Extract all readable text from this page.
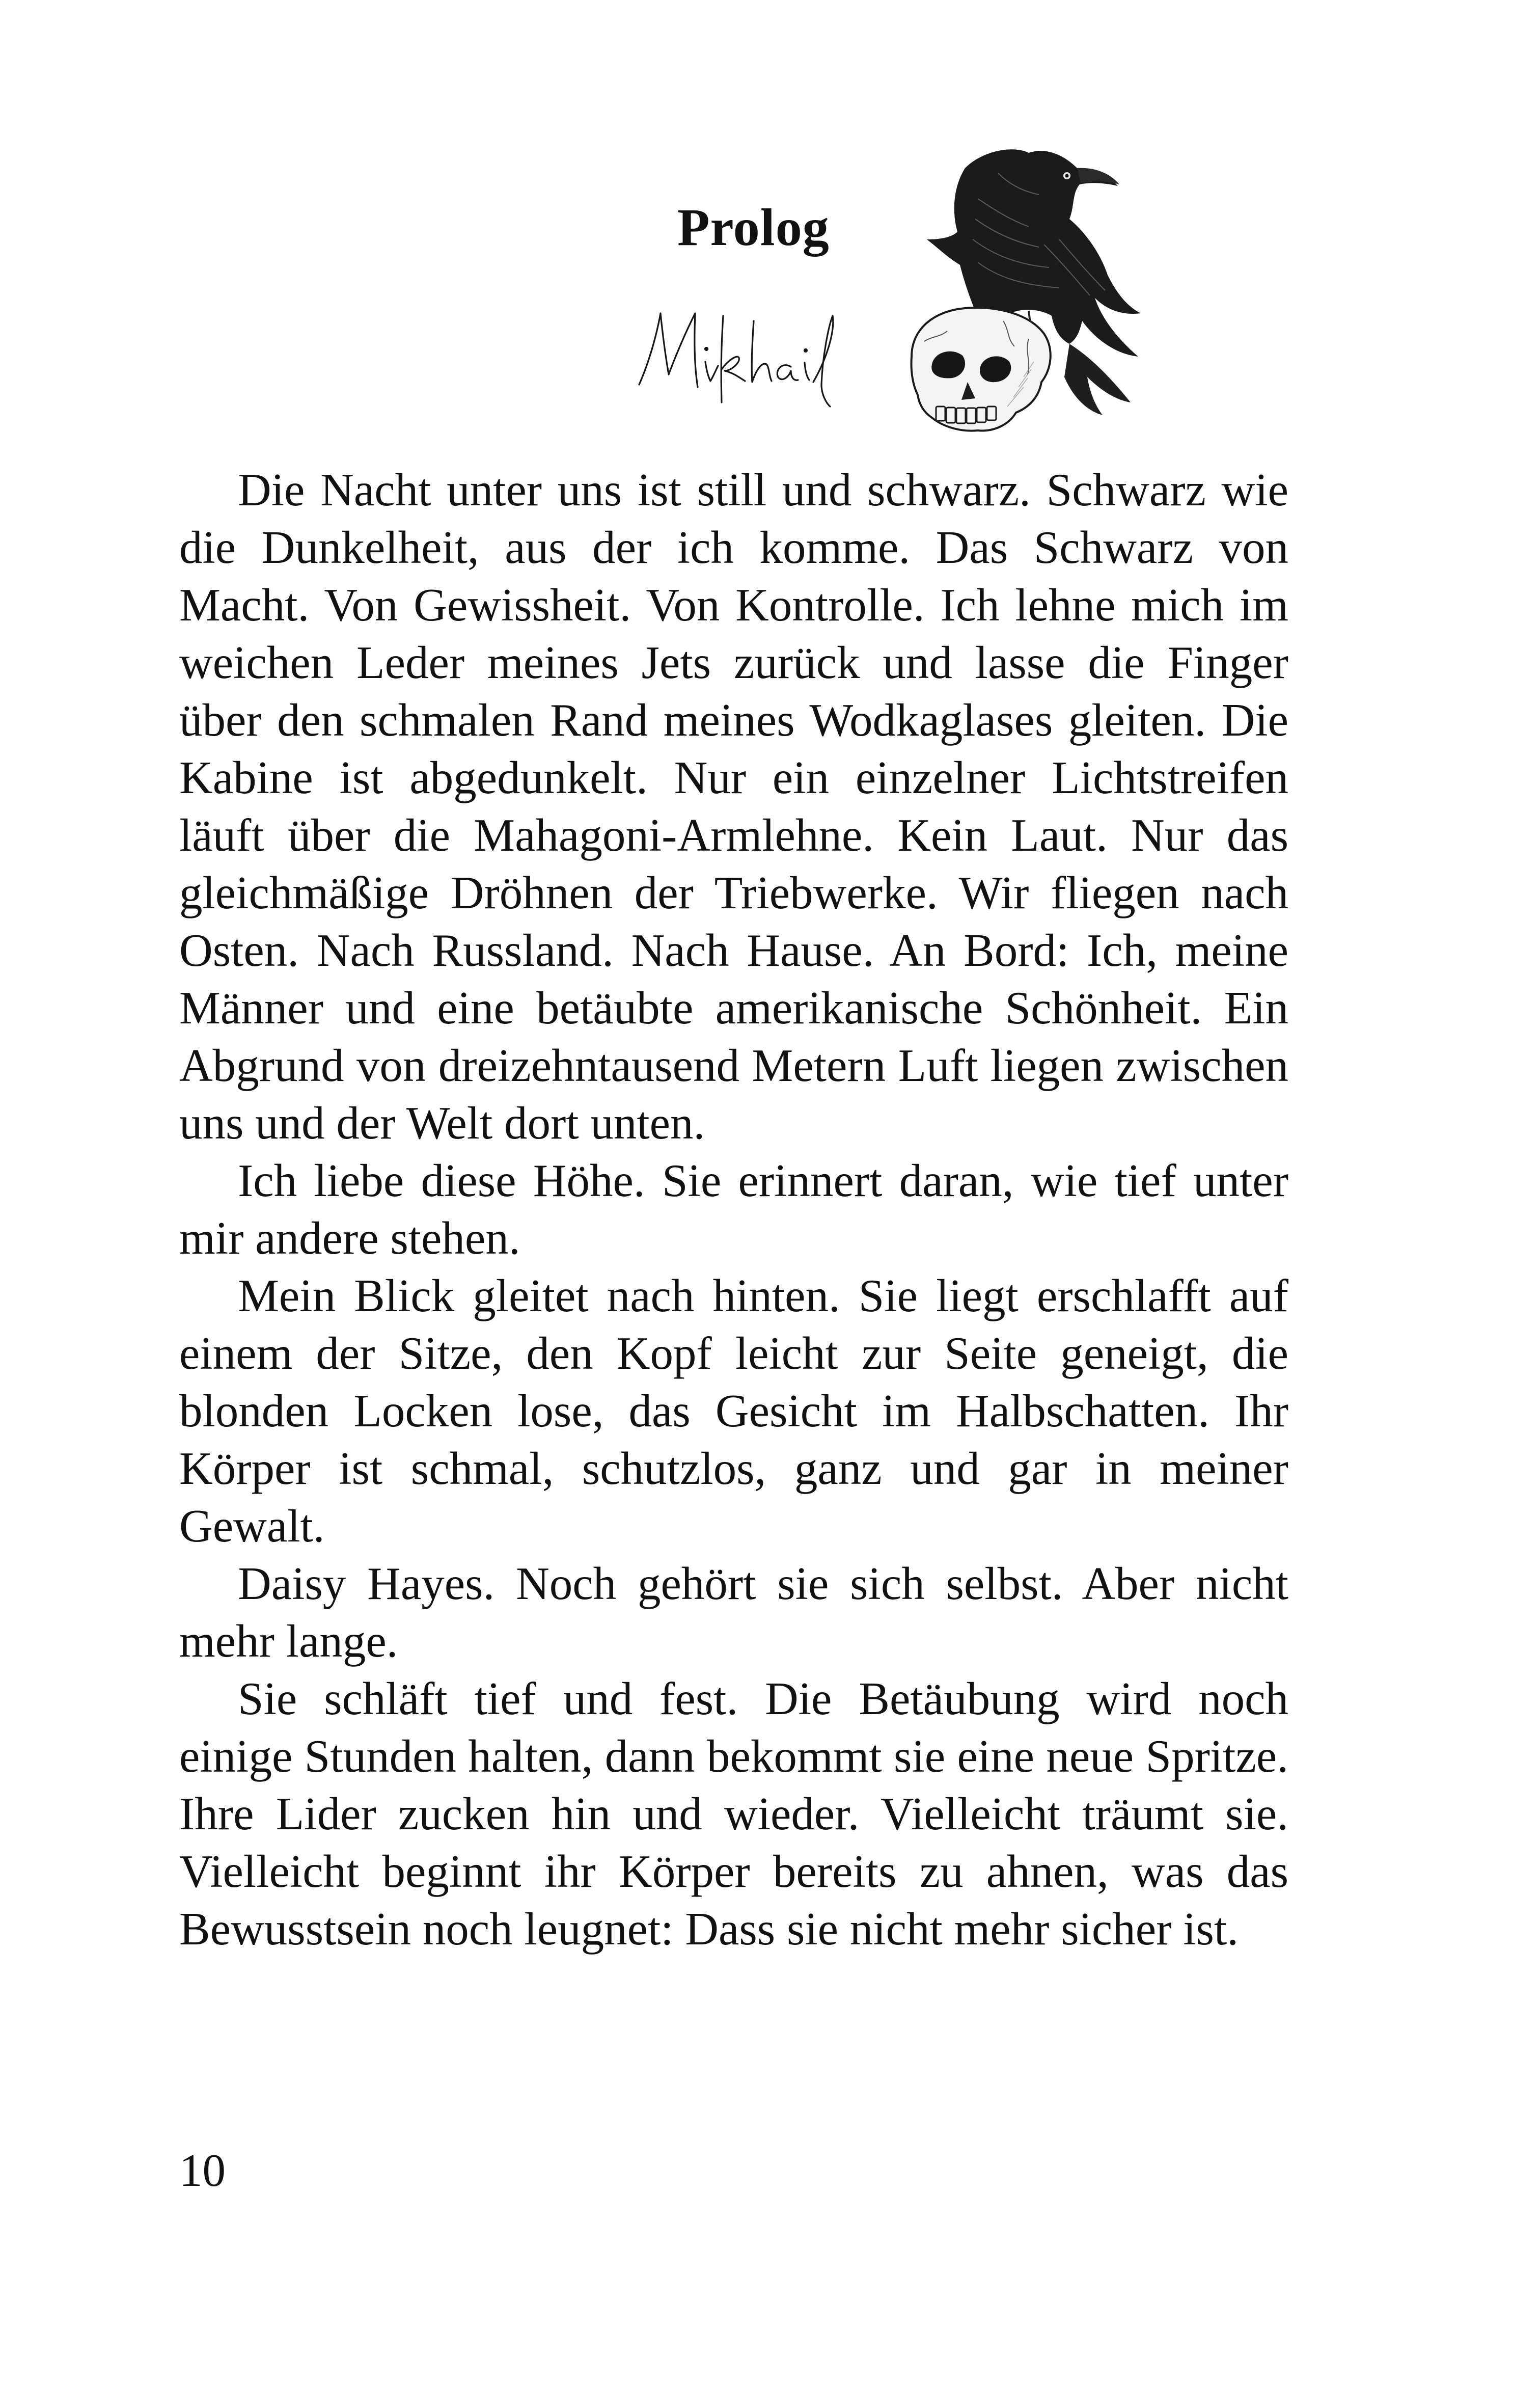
Prolog

Die Nacht unter uns ist still und schwarz. Schwarz wie die Dunkelheit, aus der ich komme. Das Schwarz von Macht. Von Gewissheit. Von Kontrolle. Ich lehne mich im weichen Leder meines Jets zurück und lasse die Finger über den schmalen Rand meines Wodkaglases gleiten. Die Kabine ist abgedunkelt. Nur ein einzelner Lichtstreifen läuft über die Mahagoni-Armlehne. Kein Laut. Nur das gleichmäßige Dröhnen der Triebwerke. Wir fliegen nach Osten. Nach Russland. Nach Hause. An Bord: Ich, meine Männer und eine betäubte amerikanische Schönheit. Ein Abgrund von dreizehntausend Metern Luft liegen zwischen uns und der Welt dort unten.

Ich liebe diese Höhe. Sie erinnert daran, wie tief unter mir andere stehen.

Mein Blick gleitet nach hinten. Sie liegt erschlafft auf einem der Sitze, den Kopf leicht zur Seite geneigt, die blonden Locken lose, das Gesicht im Halbschatten. Ihr Körper ist schmal, schutzlos, ganz und gar in meiner Gewalt.

Daisy Hayes. Noch gehört sie sich selbst. Aber nicht mehr lange.

Sie schläft tief und fest. Die Betäubung wird noch einige Stunden halten, dann bekommt sie eine neue Spritze. Ihre Lider zucken hin und wieder. Vielleicht träumt sie. Vielleicht beginnt ihr Körper bereits zu ahnen, was das Bewusstsein noch leugnet: Dass sie nicht mehr sicher ist.

10
